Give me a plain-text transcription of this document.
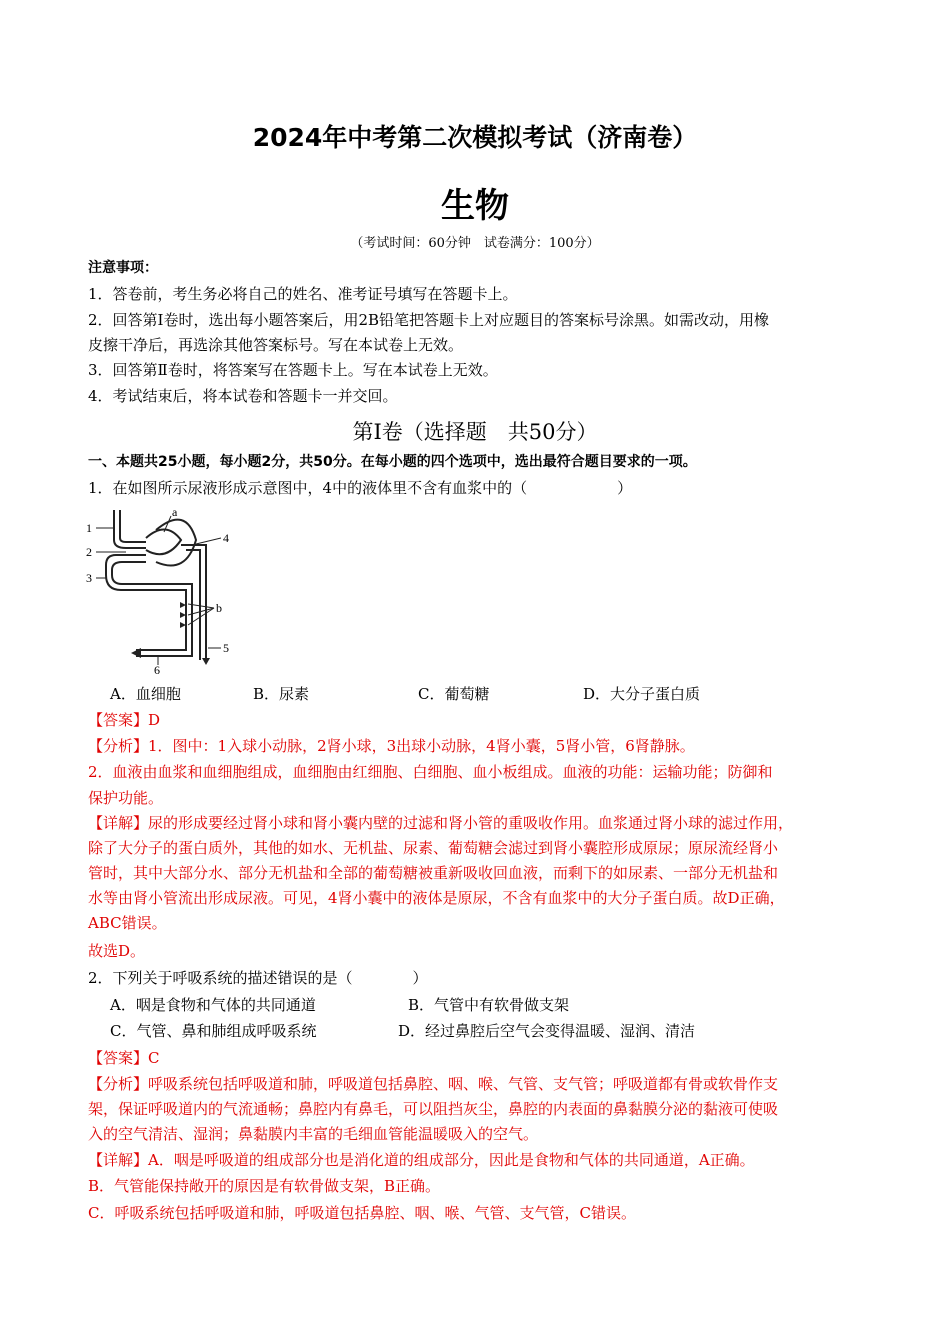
2024年中考第二次模拟考试（济南卷）
生物
（考试时间：60分钟　试卷满分：100分）
注意事项：
1．答卷前，考生务必将自己的姓名、准考证号填写在答题卡上。
2．回答第Ⅰ卷时，选出每小题答案后，用2B铅笔把答题卡上对应题目的答案标号涂黑。如需改动，用橡
皮擦干净后，再选涂其他答案标号。写在本试卷上无效。
3．回答第Ⅱ卷时，将答案写在答题卡上。写在本试卷上无效。
4．考试结束后，将本试卷和答题卡一并交回。
第Ⅰ卷（选择题　共50分）
一、本题共25小题，每小题2分，共50分。在每小题的四个选项中，选出最符合题目要求的一项。
1．在如图所示尿液形成示意图中，4中的液体里不含有血浆中的（　　　　　　）
1
2
3
4
5
6
a
b
A．血细胞	B．尿素	C．葡萄糖	D．大分子蛋白质
【答案】D
【分析】1．图中：1入球小动脉，2肾小球，3出球小动脉，4肾小囊，5肾小管，6肾静脉。
2．血液由血浆和血细胞组成，血细胞由红细胞、白细胞、血小板组成。血液的功能：运输功能；防御和
保护功能。
【详解】尿的形成要经过肾小球和肾小囊内壁的过滤和肾小管的重吸收作用。血浆通过肾小球的滤过作用，
除了大分子的蛋白质外，其他的如水、无机盐、尿素、葡萄糖会滤过到肾小囊腔形成原尿；原尿流经肾小
管时，其中大部分水、部分无机盐和全部的葡萄糖被重新吸收回血液，而剩下的如尿素、一部分无机盐和
水等由肾小管流出形成尿液。可见，4肾小囊中的液体是原尿，不含有血浆中的大分子蛋白质。故D正确，
ABC错误。
故选D。
2．下列关于呼吸系统的描述错误的是（　　　　）
A．咽是食物和气体的共同通道	B．气管中有软骨做支架
C．气管、鼻和肺组成呼吸系统	D．经过鼻腔后空气会变得温暖、湿润、清洁
【答案】C
【分析】呼吸系统包括呼吸道和肺，呼吸道包括鼻腔、咽、喉、气管、支气管；呼吸道都有骨或软骨作支
架，保证呼吸道内的气流通畅；鼻腔内有鼻毛，可以阻挡灰尘，鼻腔的内表面的鼻黏膜分泌的黏液可使吸
入的空气清洁、湿润；鼻黏膜内丰富的毛细血管能温暖吸入的空气。
【详解】A．咽是呼吸道的组成部分也是消化道的组成部分，因此是食物和气体的共同通道，A正确。
B．气管能保持敞开的原因是有软骨做支架，B正确。
C．呼吸系统包括呼吸道和肺，呼吸道包括鼻腔、咽、喉、气管、支气管，C错误。
